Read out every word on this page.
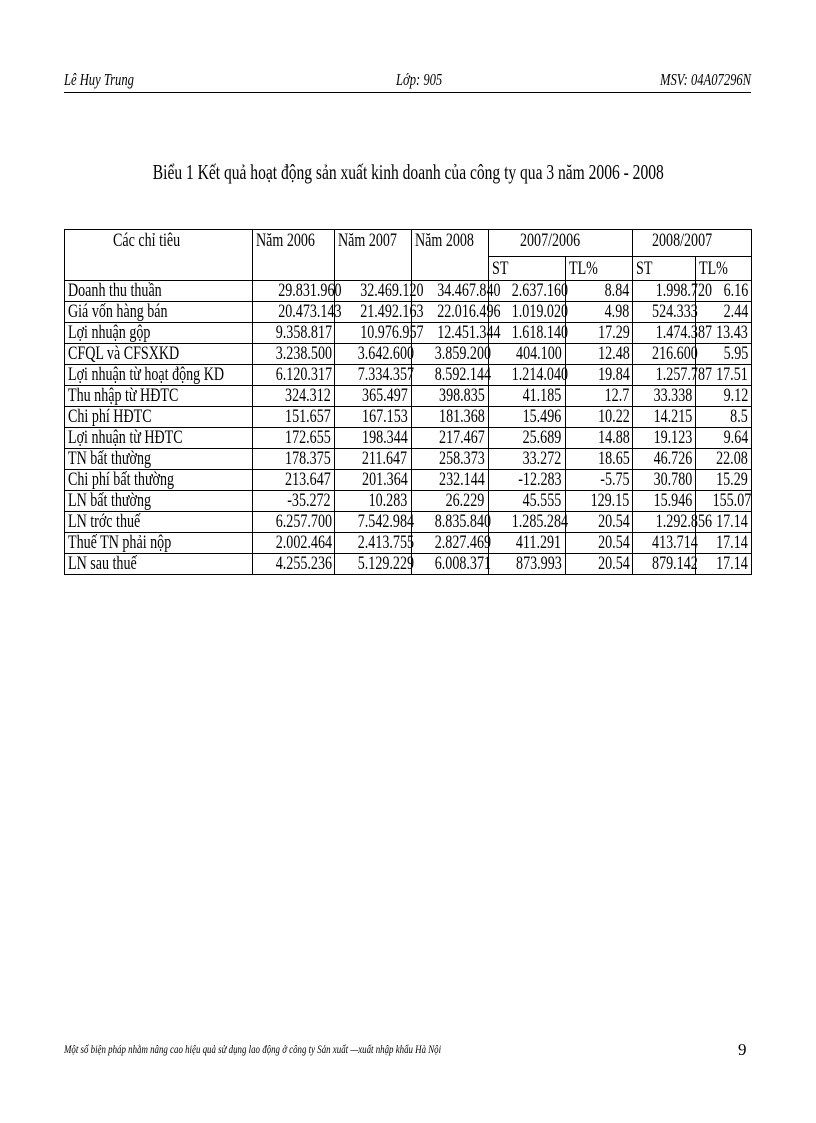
Lê Huy Trung	Lớp: 905	MSV: 04A07296N
Biểu 1 Kết quả hoạt động sản xuất kinh doanh của công ty qua 3 năm 2006 - 2008
Các chỉ tiêu	Năm 2006	Năm 2007	Năm 2008	2007/2006		2008/2007	
				ST	TL%	ST	TL%
Doanh thu thuần	29.831.960	32.469.120	34.467.840	2.637.160	8.84	1.998.720	6.16
Giá vốn hàng bán	20.473.143	21.492.163	22.016.496	1.019.020	4.98	524.333	2.44
Lợi nhuận gộp	9.358.817	10.976.957	12.451.344	1.618.140	17.29	1.474.387	13.43
CFQL và CFSXKD	3.238.500	3.642.600	3.859.200	404.100	12.48	216.600	5.95
Lợi nhuận từ hoạt động KD	6.120.317	7.334.357	8.592.144	1.214.040	19.84	1.257.787	17.51
Thu nhập từ HĐTC	324.312	365.497	398.835	41.185	12.7	33.338	9.12
Chi phí HĐTC	151.657	167.153	181.368	15.496	10.22	14.215	8.5
Lợi nhuận từ HĐTC	172.655	198.344	217.467	25.689	14.88	19.123	9.64
TN bất thường	178.375	211.647	258.373	33.272	18.65	46.726	22.08
Chi phí bất thường	213.647	201.364	232.144	-12.283	-5.75	30.780	15.29
LN bất thường	-35.272	10.283	26.229	45.555	129.15	15.946	155.07
LN trớc thuế	6.257.700	7.542.984	8.835.840	1.285.284	20.54	1.292.856	17.14
Thuế TN phải nộp	2.002.464	2.413.755	2.827.469	411.291	20.54	413.714	17.14
LN sau thuế	4.255.236	5.129.229	6.008.371	873.993	20.54	879.142	17.14
Một số biện pháp nhằm nâng cao hiệu quả sử dụng lao động ở công ty Sản xuất —xuất nhập khẩu Hà Nội	9
